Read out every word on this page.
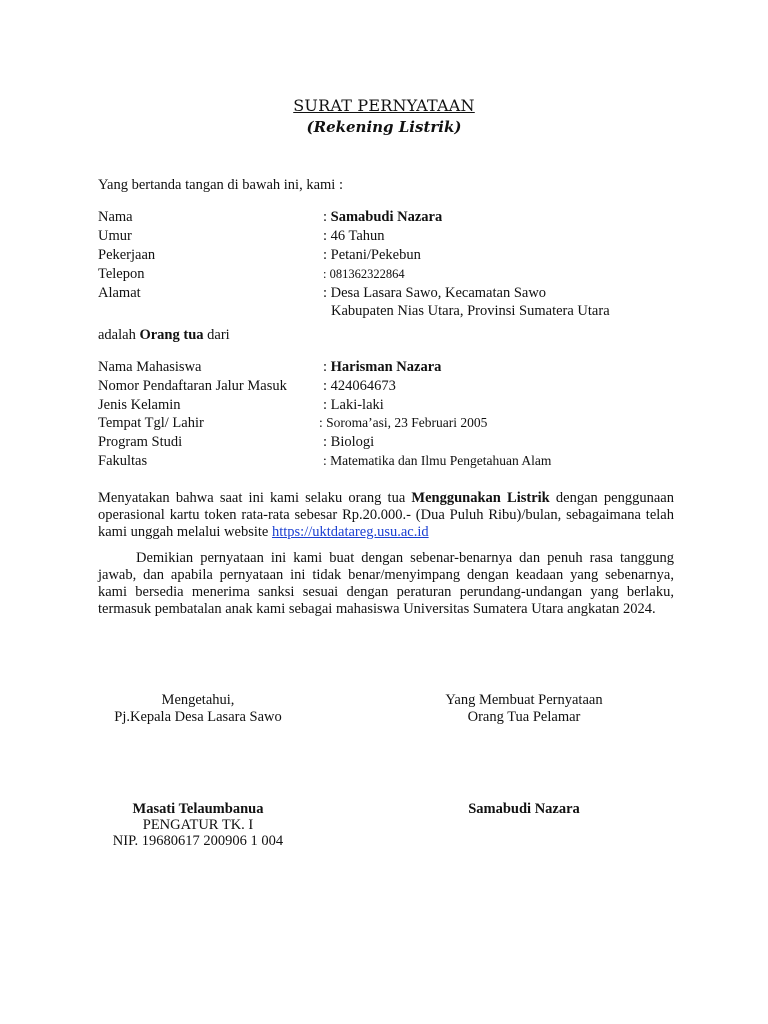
SURAT PERNYATAAN
(Rekening Listrik)
Yang bertanda tangan di bawah ini, kami :
Nama	: Samabudi Nazara
Umur	: 46 Tahun
Pekerjaan	: Petani/Pekebun
Telepon	: 081362322864
Alamat	: Desa Lasara Sawo, Kecamatan Sawo
Kabupaten Nias Utara, Provinsi Sumatera Utara
adalah Orang tua dari
Nama Mahasiswa	: Harisman Nazara
Nomor Pendaftaran Jalur Masuk : 424064673
Jenis Kelamin	: Laki-laki
Tempat Tgl/ Lahir	: Soroma’asi, 23 Februari 2005
Program Studi	: Biologi
Fakultas	: Matematika dan Ilmu Pengetahuan Alam
Menyatakan bahwa saat ini kami selaku orang tua Menggunakan Listrik dengan penggunaan operasional kartu token rata-rata sebesar Rp.20.000.- (Dua Puluh Ribu)/bulan, sebagaimana telah kami unggah melalui website https://uktdatareg.usu.ac.id
Demikian pernyataan ini kami buat dengan sebenar-benarnya dan penuh rasa tanggung jawab, dan apabila pernyataan ini tidak benar/menyimpang dengan keadaan yang sebenarnya, kami bersedia menerima sanksi sesuai dengan peraturan perundang-undangan yang berlaku, termasuk pembatalan anak kami sebagai mahasiswa Universitas Sumatera Utara angkatan 2024.
Mengetahui,
Pj.Kepala Desa Lasara Sawo
Masati Telaumbanua
PENGATUR TK. I
NIP. 19680617 200906 1 004
Yang Membuat Pernyataan
Orang Tua Pelamar
Samabudi Nazara
